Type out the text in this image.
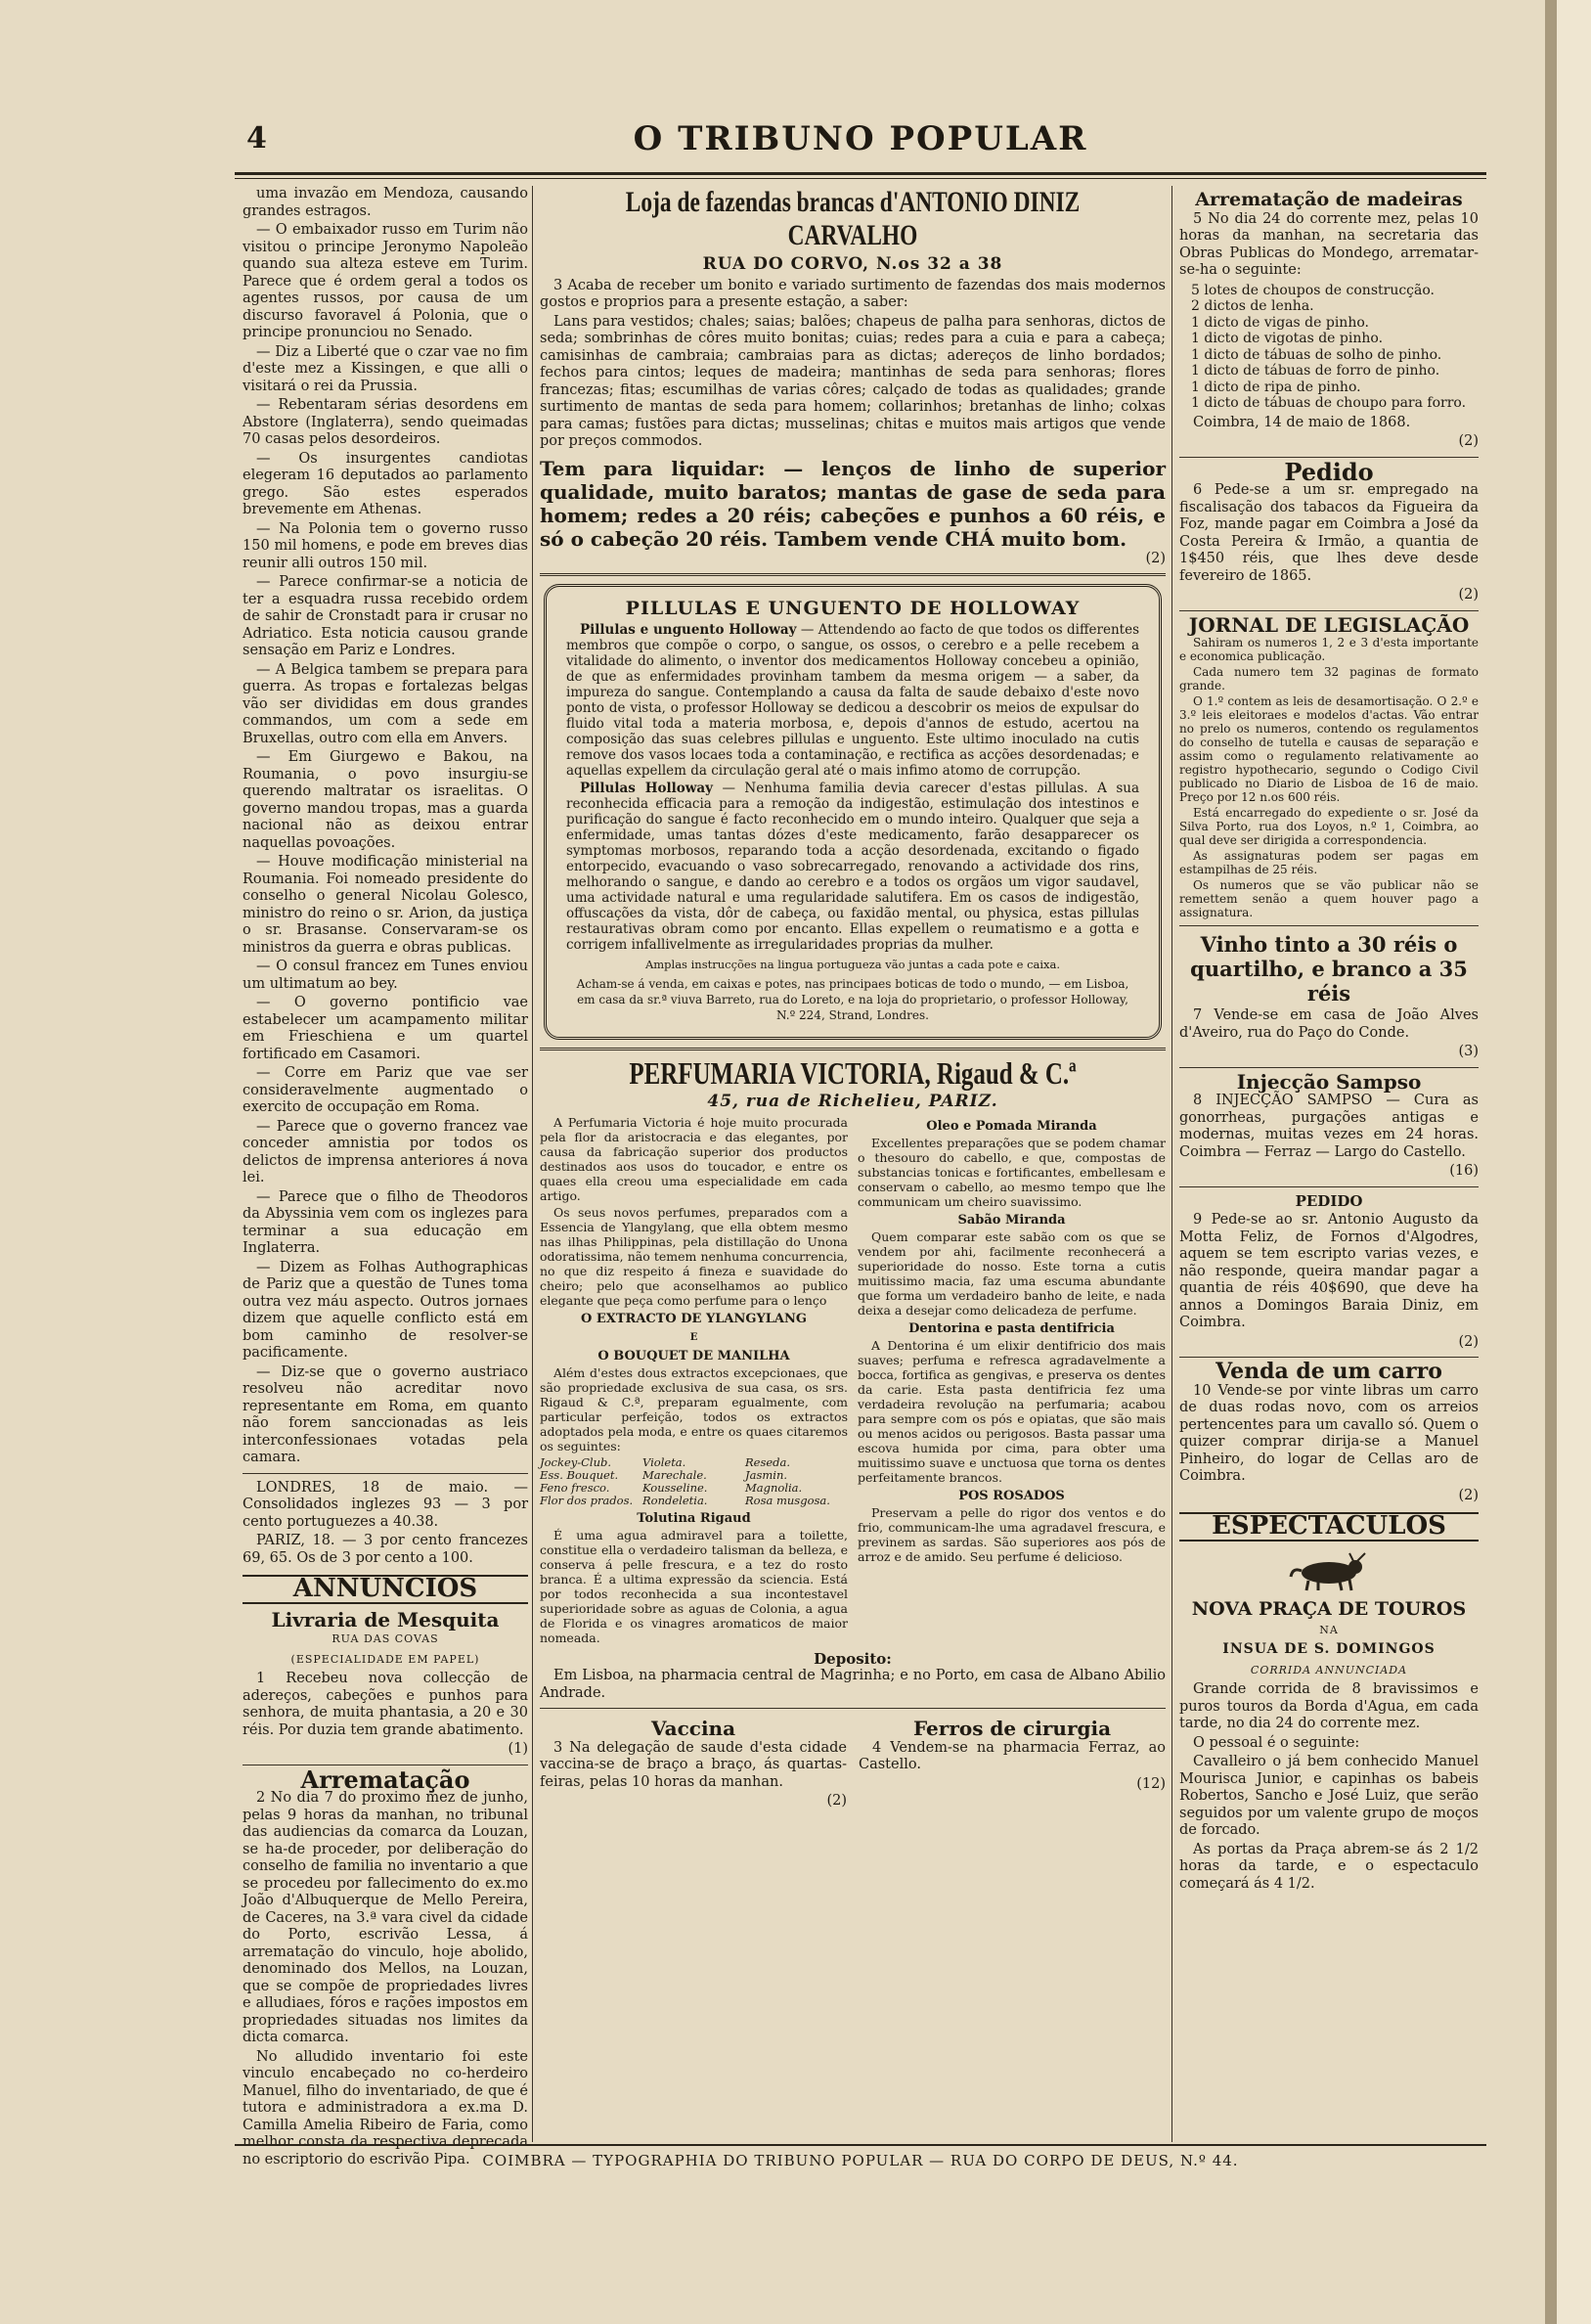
4	O TRIBUNO POPULAR

uma invazão em Mendoza, causando grandes estragos.

— O embaixador russo em Turim não visitou o principe Jeronymo Napoleão quando sua alteza esteve em Turim. Parece que é ordem geral a todos os agentes russos, por causa de um discurso favoravel á Polonia, que o principe pronunciou no Senado.

— Diz a Liberté que o czar vae no fim d'este mez a Kissingen, e que alli o visitará o rei da Prussia.

— Rebentaram sérias desordens em Abstore (Inglaterra), sendo queimadas 70 casas pelos desordeiros.

— Os insurgentes candiotas elegeram 16 deputados ao parlamento grego. São estes esperados brevemente em Athenas.

— Na Polonia tem o governo russo 150 mil homens, e pode em breves dias reunir alli outros 150 mil.

— Parece confirmar-se a noticia de ter a esquadra russa recebido ordem de sahir de Cronstadt para ir crusar no Adriatico. Esta noticia causou grande sensação em Pariz e Londres.

— A Belgica tambem se prepara para guerra. As tropas e fortalezas belgas vão ser divididas em dous grandes commandos, um com a sede em Bruxellas, outro com ella em Anvers.

— Em Giurgewo e Bakou, na Roumania, o povo insurgiu-se querendo maltratar os israelitas. O governo mandou tropas, mas a guarda nacional não as deixou entrar naquellas povoações.

— Houve modificação ministerial na Roumania. Foi nomeado presidente do conselho o general Nicolau Golesco, ministro do reino o sr. Arion, da justiça o sr. Brasanse. Conservaram-se os ministros da guerra e obras publicas.

— O consul francez em Tunes enviou um ultimatum ao bey.

— O governo pontificio vae estabelecer um acampamento militar em Frieschiena e um quartel fortificado em Casamori.

— Corre em Pariz que vae ser consideravelmente augmentado o exercito de occupação em Roma.

— Parece que o governo francez vae conceder amnistia por todos os delictos de imprensa anteriores á nova lei.

— Parece que o filho de Theodoros da Abyssinia vem com os inglezes para terminar a sua educação em Inglaterra.

— Dizem as Folhas Authographicas de Pariz que a questão de Tunes toma outra vez máu aspecto. Outros jornaes dizem que aquelle conflicto está em bom caminho de resolver-se pacificamente.

— Diz-se que o governo austriaco resolveu não acreditar novo representante em Roma, em quanto não forem sanccionadas as leis interconfessionaes votadas pela camara.

LONDRES, 18 de maio. — Consolidados inglezes 93 — 3 por cento portuguezes a 40.38.

PARIZ, 18. — 3 por cento francezes 69, 65. Os de 3 por cento a 100.

ANNUNCIOS
Livraria de Mesquita
RUA DAS COVAS
(ESPECIALIDADE EM PAPEL)

1 Recebeu nova collecção de adereços, cabeções e punhos para senhora, de muita phantasia, a 20 e 30 réis. Por duzia tem grande abatimento.

(1)
Arrematação

2 No dia 7 do proximo mez de junho, pelas 9 horas da manhan, no tribunal das audiencias da comarca da Louzan, se ha-de proceder, por deliberação do conselho de familia no inventario a que se procedeu por fallecimento do ex.mo João d'Albuquerque de Mello Pereira, de Caceres, na 3.ª vara civel da cidade do Porto, escrivão Lessa, á arrematação do vinculo, hoje abolido, denominado dos Mellos, na Louzan, que se compõe de propriedades livres e alludiaes, fóros e rações impostos em propriedades situadas nos limites da dicta comarca.

No alludido inventario foi este vinculo encabeçado no co-herdeiro Manuel, filho do inventariado, de que é tutora e administradora a ex.ma D. Camilla Amelia Ribeiro de Faria, como melhor consta da respectiva deprecada no escriptorio do escrivão Pipa.

Loja de fazendas brancas d'ANTONIO DINIZ CARVALHO
RUA DO CORVO, N.os 32 a 38

3 Acaba de receber um bonito e variado surtimento de fazendas dos mais modernos gostos e proprios para a presente estação, a saber:

Lans para vestidos; chales; saias; balões; chapeus de palha para senhoras, dictos de seda; sombrinhas de côres muito bonitas; cuias; redes para a cuia e para a cabeça; camisinhas de cambraia; cambraias para as dictas; adereços de linho bordados; fechos para cintos; leques de madeira; mantinhas de seda para senhoras; flores francezas; fitas; escumilhas de varias côres; calçado de todas as qualidades; grande surtimento de mantas de seda para homem; collarinhos; bretanhas de linho; colxas para camas; fustões para dictas; musselinas; chitas e muitos mais artigos que vende por preços commodos.

Tem para liquidar: — lenços de linho de superior qualidade, muito baratos; mantas de gase de seda para homem; redes a 20 réis; cabeções e punhos a 60 réis, e só o cabeção 20 réis. Tambem vende CHÁ muito bom.
(2)
PILLULAS E UNGUENTO DE HOLLOWAY

Pillulas e unguento Holloway — Attendendo ao facto de que todos os differentes membros que compõe o corpo, o sangue, os ossos, o cerebro e a pelle recebem a vitalidade do alimento, o inventor dos medicamentos Holloway concebeu a opinião, de que as enfermidades provinham tambem da mesma origem — a saber, da impureza do sangue. Contemplando a causa da falta de saude debaixo d'este novo ponto de vista, o professor Holloway se dedicou a descobrir os meios de expulsar do fluido vital toda a materia morbosa, e, depois d'annos de estudo, acertou na composição das suas celebres pillulas e unguento. Este ultimo inoculado na cutis remove dos vasos locaes toda a contaminação, e rectifica as acções desordenadas; e aquellas expellem da circulação geral até o mais infimo atomo de corrupção.

Pillulas Holloway — Nenhuma familia devia carecer d'estas pillulas. A sua reconhecida efficacia para a remoção da indigestão, estimulação dos intestinos e purificação do sangue é facto reconhecido em o mundo inteiro. Qualquer que seja a enfermidade, umas tantas dózes d'este medicamento, farão desapparecer os symptomas morbosos, reparando toda a acção desordenada, excitando o figado entorpecido, evacuando o vaso sobrecarregado, renovando a actividade dos rins, melhorando o sangue, e dando ao cerebro e a todos os orgãos um vigor saudavel, uma actividade natural e uma regularidade salutifera. Em os casos de indigestão, offuscações da vista, dôr de cabeça, ou faxidão mental, ou physica, estas pillulas restaurativas obram como por encanto. Ellas expellem o reumatismo e a gotta e corrigem infallivelmente as irregularidades proprias da mulher.

Amplas instrucções na lingua portugueza vão juntas a cada pote e caixa.
Acham-se á venda, em caixas e potes, nas principaes boticas de todo o mundo, — em Lisboa, em casa da sr.ª viuva Barreto, rua do Loreto, e na loja do proprietario, o professor Holloway, N.º 224, Strand, Londres.
PERFUMARIA VICTORIA, Rigaud & C.ª
45, rua de Richelieu, PARIZ.

A Perfumaria Victoria é hoje muito procurada pela flor da aristocracia e das elegantes, por causa da fabricação superior dos productos destinados aos usos do toucador, e entre os quaes ella creou uma especialidade em cada artigo.

Os seus novos perfumes, preparados com a Essencia de Ylangylang, que ella obtem mesmo nas ilhas Philippinas, pela distillação do Unona odoratissima, não temem nenhuma concurrencia, no que diz respeito á fineza e suavidade do cheiro; pelo que aconselhamos ao publico elegante que peça como perfume para o lenço

O EXTRACTO DE YLANGYLANG
E
O BOUQUET DE MANILHA

Além d'estes dous extractos excepcionaes, que são propriedade exclusiva de sua casa, os srs. Rigaud & C.ª, preparam egualmente, com particular perfeição, todos os extractos adoptados pela moda, e entre os quaes citaremos os seguintes:

Jockey-Club.	Violeta.	Reseda.
Ess. Bouquet.	Marechale.	Jasmin.
Feno fresco.	Kousseline.	Magnolia.
Flor dos prados. Rondeletia.	Rosa musgosa.
Tolutina Rigaud

É uma agua admiravel para a toilette, constitue ella o verdadeiro talisman da belleza, e conserva á pelle frescura, e a tez do rosto branca. É a ultima expressão da sciencia. Está por todos reconhecida a sua incontestavel superioridade sobre as aguas de Colonia, a agua de Florida e os vinagres aromaticos de maior nomeada.

Oleo e Pomada Miranda

Excellentes preparações que se podem chamar o thesouro do cabello, e que, compostas de substancias tonicas e fortificantes, embellesam e conservam o cabello, ao mesmo tempo que lhe communicam um cheiro suavissimo.

Sabão Miranda

Quem comparar este sabão com os que se vendem por ahi, facilmente reconhecerá a superioridade do nosso. Este torna a cutis muitissimo macia, faz uma escuma abundante que forma um verdadeiro banho de leite, e nada deixa a desejar como delicadeza de perfume.

Dentorina e pasta dentifricia

A Dentorina é um elixir dentifricio dos mais suaves; perfuma e refresca agradavelmente a bocca, fortifica as gengivas, e preserva os dentes da carie. Esta pasta dentifricia fez uma verdadeira revolução na perfumaria; acabou para sempre com os pós e opiatas, que são mais ou menos acidos ou perigosos. Basta passar uma escova humida por cima, para obter uma muitissimo suave e unctuosa que torna os dentes perfeitamente brancos.

POS ROSADOS

Preservam a pelle do rigor dos ventos e do frio, communicam-lhe uma agradavel frescura, e previnem as sardas. São superiores aos pós de arroz e de amido. Seu perfume é delicioso.

Deposito:

Em Lisboa, na pharmacia central de Magrinha; e no Porto, em casa de Albano Abilio Andrade.

Vaccina

3 Na delegação de saude d'esta cidade vaccina-se de braço a braço, ás quartas-feiras, pelas 10 horas da manhan.

(2)
Ferros de cirurgia

4 Vendem-se na pharmacia Ferraz, ao Castello.

(12)
Arrematação de madeiras

5 No dia 24 do corrente mez, pelas 10 horas da manhan, na secretaria das Obras Publicas do Mondego, arrematar-se-ha o seguinte:

5 lotes de choupos de construcção.
2 dictos de lenha.
1 dicto de vigas de pinho.
1 dicto de vigotas de pinho.
1 dicto de tábuas de solho de pinho.
1 dicto de tábuas de forro de pinho.
1 dicto de ripa de pinho.
1 dicto de tábuas de choupo para forro.

Coimbra, 14 de maio de 1868.

(2)
Pedido

6 Pede-se a um sr. empregado na fiscalisação dos tabacos da Figueira da Foz, mande pagar em Coimbra a José da Costa Pereira & Irmão, a quantia de 1$450 réis, que lhes deve desde fevereiro de 1865.

(2)
JORNAL DE LEGISLAÇÃO

Sahiram os numeros 1, 2 e 3 d'esta importante e economica publicação.

Cada numero tem 32 paginas de formato grande.

O 1.º contem as leis de desamortisação. O 2.º e 3.º leis eleitoraes e modelos d'actas. Vão entrar no prelo os numeros, contendo os regulamentos do conselho de tutella e causas de separação e assim como o regulamento relativamente ao registro hypothecario, segundo o Codigo Civil publicado no Diario de Lisboa de 16 de maio. Preço por 12 n.os 600 réis.

Está encarregado do expediente o sr. José da Silva Porto, rua dos Loyos, n.º 1, Coimbra, ao qual deve ser dirigida a correspondencia.

As assignaturas podem ser pagas em estampilhas de 25 réis.

Os numeros que se vão publicar não se remettem senão a quem houver pago a assignatura.

Vinho tinto a 30 réis o quartilho, e branco a 35 réis

7 Vende-se em casa de João Alves d'Aveiro, rua do Paço do Conde.

(3)
Injecção Sampso

8 INJECÇÃO SAMPSO — Cura as gonorrheas, purgações antigas e modernas, muitas vezes em 24 horas. Coimbra — Ferraz — Largo do Castello.

(16)
PEDIDO

9 Pede-se ao sr. Antonio Augusto da Motta Feliz, de Fornos d'Algodres, aquem se tem escripto varias vezes, e não responde, queira mandar pagar a quantia de réis 40$690, que deve ha annos a Domingos Baraia Diniz, em Coimbra.

(2)
Venda de um carro

10 Vende-se por vinte libras um carro de duas rodas novo, com os arreios pertencentes para um cavallo só. Quem o quizer comprar dirija-se a Manuel Pinheiro, do logar de Cellas aro de Coimbra.

(2)
ESPECTACULOS
NOVA PRAÇA DE TOUROS
NA
INSUA DE S. DOMINGOS
CORRIDA ANNUNCIADA

Grande corrida de 8 bravissimos e puros touros da Borda d'Agua, em cada tarde, no dia 24 do corrente mez.

O pessoal é o seguinte:

Cavalleiro o já bem conhecido Manuel Mourisca Junior, e capinhas os babeis Robertos, Sancho e José Luiz, que serão seguidos por um valente grupo de moços de forcado.

As portas da Praça abrem-se ás 2 1/2 horas da tarde, e o espectaculo começará ás 4 1/2.

COIMBRA — TYPOGRAPHIA DO TRIBUNO POPULAR — RUA DO CORPO DE DEUS, N.º 44.
